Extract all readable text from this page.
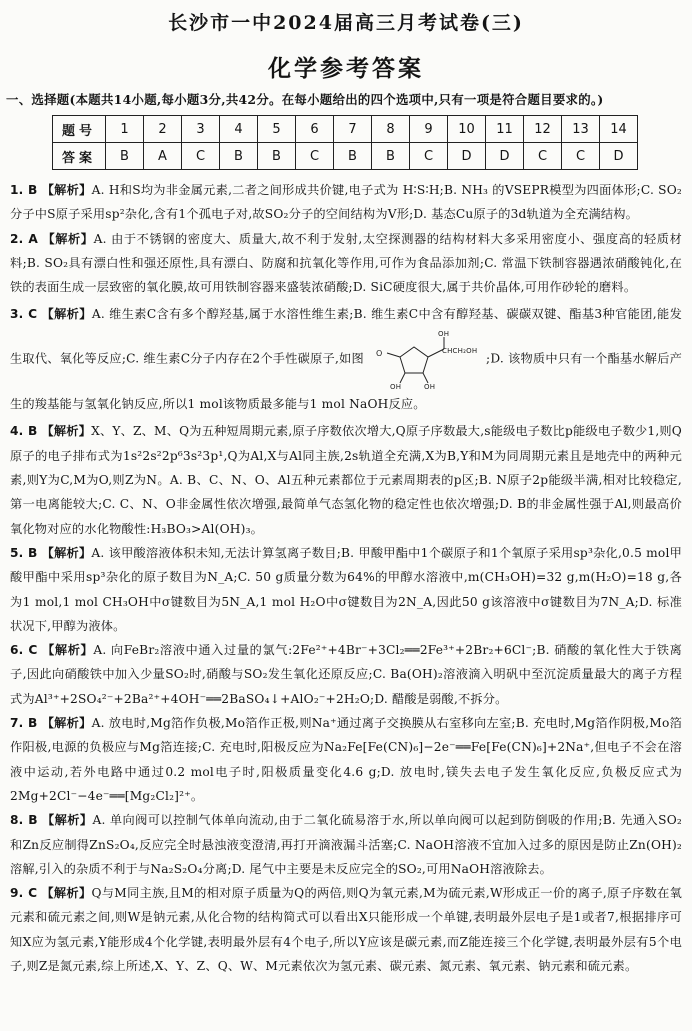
长沙市一中2024届高三月考试卷(三)
化学参考答案
一、选择题(本题共14小题,每小题3分,共42分。在每小题给出的四个选项中,只有一项是符合题目要求的。)
题号	1	2	3	4	5	6	7	8	9	10	11	12	13	14
答案	B	A	C	B	B	C	B	B	C	D	D	C	C	D
1. B 【解析】A. H和S均为非金属元素,二者之间形成共价键,电子式为 H∶S∶H;B. NH₃ 的VSEPR模型为四面体形;C. SO₂分子中S原子采用sp²杂化,含有1个孤电子对,故SO₂分子的空间结构为V形;D. 基态Cu原子的3d轨道为全充满结构。
2. A 【解析】A. 由于不锈钢的密度大、质量大,故不利于发射,太空探测器的结构材料大多采用密度小、强度高的轻质材料;B. SO₂具有漂白性和强还原性,具有漂白、防腐和抗氧化等作用,可作为食品添加剂;C. 常温下铁制容器遇浓硝酸钝化,在铁的表面生成一层致密的氧化膜,故可用铁制容器来盛装浓硝酸;D. SiC硬度很大,属于共价晶体,可用作砂轮的磨料。
3. C 【解析】A. 维生素C含有多个醇羟基,属于水溶性维生素;B. 维生素C中含有醇羟基、碳碳双键、酯基3种官能团,能发生取代、氧化等反应;C. 维生素C分子内存在2个手性碳原子,如图 O
OH
CHCH₂OH
OH	OH
;D. 该物质中只有一个酯基水解后产生的羧基能与氢氧化钠反应,所以1 mol该物质最多能与1 mol NaOH反应。
4. B 【解析】X、Y、Z、M、Q为五种短周期元素,原子序数依次增大,Q原子序数最大,s能级电子数比p能级电子数少1,则Q原子的电子排布式为1s²2s²2p⁶3s²3p¹,Q为Al,X与Al同主族,2s轨道全充满,X为B,Y和M为同周期元素且是地壳中的两种元素,则Y为C,M为O,则Z为N。A. B、C、N、O、Al五种元素都位于元素周期表的p区;B. N原子2p能级半满,相对比较稳定,第一电离能较大;C. C、N、O非金属性依次增强,最简单气态氢化物的稳定性也依次增强;D. B的非金属性强于Al,则最高价氧化物对应的水化物酸性:H₃BO₃>Al(OH)₃。
5. B 【解析】A. 该甲酸溶液体积未知,无法计算氢离子数目;B. 甲酸甲酯中1个碳原子和1个氧原子采用sp³杂化,0.5 mol甲酸甲酯中采用sp³杂化的原子数目为N_A;C. 50 g质量分数为64%的甲醇水溶液中,m(CH₃OH)=32 g,m(H₂O)=18 g,各为1 mol,1 mol CH₃OH中σ键数目为5N_A,1 mol H₂O中σ键数目为2N_A,因此50 g该溶液中σ键数目为7N_A;D. 标准状况下,甲醇为液体。
6. C 【解析】A. 向FeBr₂溶液中通入过量的氯气:2Fe²⁺+4Br⁻+3Cl₂══2Fe³⁺+2Br₂+6Cl⁻;B. 硝酸的氧化性大于铁离子,因此向硝酸铁中加入少量SO₂时,硝酸与SO₂发生氧化还原反应;C. Ba(OH)₂溶液滴入明矾中至沉淀质量最大的离子方程式为Al³⁺+2SO₄²⁻+2Ba²⁺+4OH⁻══2BaSO₄↓+AlO₂⁻+2H₂O;D. 醋酸是弱酸,不拆分。
7. B 【解析】A. 放电时,Mg箔作负极,Mo箔作正极,则Na⁺通过离子交换膜从右室移向左室;B. 充电时,Mg箔作阴极,Mo箔作阳极,电源的负极应与Mg箔连接;C. 充电时,阳极反应为Na₂Fe[Fe(CN)₆]−2e⁻══Fe[Fe(CN)₆]+2Na⁺,但电子不会在溶液中运动,若外电路中通过0.2 mol电子时,阳极质量变化4.6 g;D. 放电时,镁失去电子发生氧化反应,负极反应式为2Mg+2Cl⁻−4e⁻══[Mg₂Cl₂]²⁺。
8. B 【解析】A. 单向阀可以控制气体单向流动,由于二氧化硫易溶于水,所以单向阀可以起到防倒吸的作用;B. 先通入SO₂和Zn反应制得ZnS₂O₄,反应完全时悬浊液变澄清,再打开滴液漏斗活塞;C. NaOH溶液不宜加入过多的原因是防止Zn(OH)₂溶解,引入的杂质不利于与Na₂S₂O₄分离;D. 尾气中主要是未反应完全的SO₂,可用NaOH溶液除去。
9. C 【解析】Q与M同主族,且M的相对原子质量为Q的两倍,则Q为氧元素,M为硫元素,W形成正一价的离子,原子序数在氧元素和硫元素之间,则W是钠元素,从化合物的结构简式可以看出X只能形成一个单键,表明最外层电子是1或者7,根据排序可知X应为氢元素,Y能形成4个化学键,表明最外层有4个电子,所以Y应该是碳元素,而Z能连接三个化学键,表明最外层有5个电子,则Z是氮元素,综上所述,X、Y、Z、Q、W、M元素依次为氢元素、碳元素、氮元素、氧元素、钠元素和硫元素。
